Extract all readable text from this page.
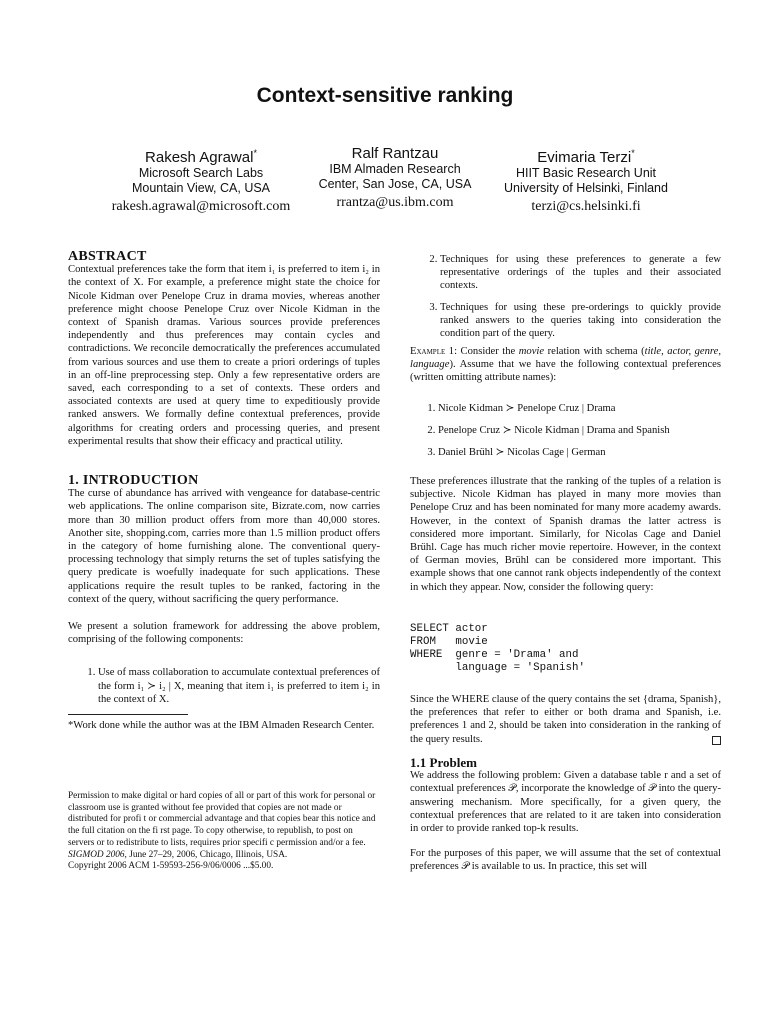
Context-sensitive ranking
Rakesh Agrawal*
Microsoft Search Labs
Mountain View, CA, USA
rakesh.agrawal@microsoft.com
Ralf Rantzau
IBM Almaden Research
Center, San Jose, CA, USA
rrantza@us.ibm.com
Evimaria Terzi*
HIIT Basic Research Unit
University of Helsinki, Finland
terzi@cs.helsinki.fi
ABSTRACT
Contextual preferences take the form that item i₁ is preferred to item i₂ in the context of X. For example, a preference might state the choice for Nicole Kidman over Penelope Cruz in drama movies, whereas another preference might choose Penelope Cruz over Nicole Kidman in the context of Spanish dramas. Various sources provide preferences independently and thus preferences may contain cycles and contradictions. We reconcile democratically the preferences accumulated from various sources and use them to create a priori orderings of tuples in an off-line preprocessing step. Only a few representative orders are saved, each corresponding to a set of contexts. These orders and associated contexts are used at query time to expeditiously provide ranked answers. We formally define contextual preferences, provide algorithms for creating orders and processing queries, and present experimental results that show their efficacy and practical utility.
1. INTRODUCTION
The curse of abundance has arrived with vengeance for database-centric web applications. The online comparison site, Bizrate.com, now carries more than 30 million product offers from more than 40,000 stores. Another site, shopping.com, carries more than 1.5 million product offers in the category of home furnishing alone. The conventional query-processing technology that simply returns the set of tuples satisfying the query predicate is woefully inadequate for such applications. These applications require the result tuples to be ranked, factoring in the context of the query, without sacrificing the query performance.
We present a solution framework for addressing the above problem, comprising of the following components:
1. Use of mass collaboration to accumulate contextual preferences of the form i₁ ≻ i₂ | X, meaning that item i₁ is preferred to item i₂ in the context of X.
*Work done while the author was at the IBM Almaden Research Center.
Permission to make digital or hard copies of all or part of this work for personal or classroom use is granted without fee provided that copies are not made or distributed for profi t or commercial advantage and that copies bear this notice and the full citation on the fi rst page. To copy otherwise, to republish, to post on servers or to redistribute to lists, requires prior specifi c permission and/or a fee.
SIGMOD 2006, June 27–29, 2006, Chicago, Illinois, USA.
Copyright 2006 ACM 1-59593-256-9/06/0006 ...$5.00.
2. Techniques for using these preferences to generate a few representative orderings of the tuples and their associated contexts.
3. Techniques for using these pre-orderings to quickly provide ranked answers to the queries taking into consideration the condition part of the query.
Example 1: Consider the movie relation with schema (title, actor, genre, language). Assume that we have the following contextual preferences (written omitting attribute names):
1. Nicole Kidman ≻ Penelope Cruz | Drama
2. Penelope Cruz ≻ Nicole Kidman | Drama and Spanish
3. Daniel Brühl ≻ Nicolas Cage | German
These preferences illustrate that the ranking of the tuples of a relation is subjective. Nicole Kidman has played in many more movies than Penelope Cruz and has been nominated for many more academy awards. However, in the context of Spanish dramas the latter actress is considered more important. Similarly, for Nicolas Cage and Daniel Brühl. Cage has much richer movie repertoire. However, in the context of German movies, Brühl can be considered more important. This example shows that one cannot rank objects independently of the context in which they appear. Now, consider the following query:
SELECT actor
FROM   movie
WHERE  genre = 'Drama' and
language = 'Spanish'
Since the WHERE clause of the query contains the set {drama, Spanish}, the preferences that refer to either or both drama and Spanish, i.e. preferences 1 and 2, should be taken into consideration in the ranking of the query results.
1.1 Problem
We address the following problem: Given a database table r and a set of contextual preferences 𝒫, incorporate the knowledge of 𝒫 into the query-answering mechanism. More specifically, for a given query, the contextual preferences that are related to it are taken into consideration in order to provide ranked top-k results.
For the purposes of this paper, we will assume that the set of contextual preferences 𝒫 is available to us. In practice, this set will
